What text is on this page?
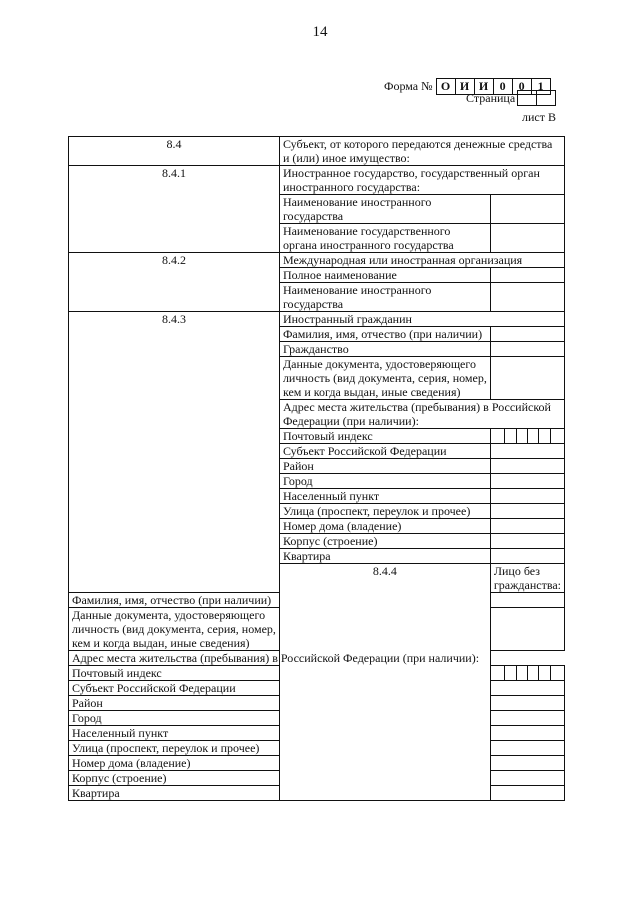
14
Форма № О И И 0	0	1
Страница
лист В
8.4	Субъект, от которого передаются денежные средства и (или) иное имущество:	
8.4.1	Иностранное государство, государственный орган иностранного государства:	
	Наименование иностранного государства	
	Наименование государственного органа иностранного государства	
8.4.2	Международная или иностранная организация	
	Полное наименование	
	Наименование иностранного государства	
8.4.3	Иностранный гражданин	
	Фамилия, имя, отчество (при наличии)	
	Гражданство	
	Данные документа, удостоверяющего личность (вид документа, серия, номер, кем и когда выдан, иные сведения)	
	Адрес места жительства (пребывания) в Российской Федерации (при наличии):	
	Почтовый индекс	

	Субъект Российской Федерации	
	Район	
	Город	
	Населенный пункт	
	Улица (проспект, переулок и прочее)	
	Номер дома (владение)	
	Корпус (строение)	
	Квартира	
	8.4.4	Лицо без гражданства:
Фамилия, имя, отчество (при наличии)		
Данные документа, удостоверяющего личность (вид документа, серия, номер, кем и когда выдан, иные сведения)		
Адрес места жительства (пребывания) в Российской Федерации (при наличии):		
Почтовый индекс		

Субъект Российской Федерации		
Район		
Город		
Населенный пункт		
Улица (проспект, переулок и прочее)		
Номер дома (владение)		
Корпус (строение)		
Квартира		
